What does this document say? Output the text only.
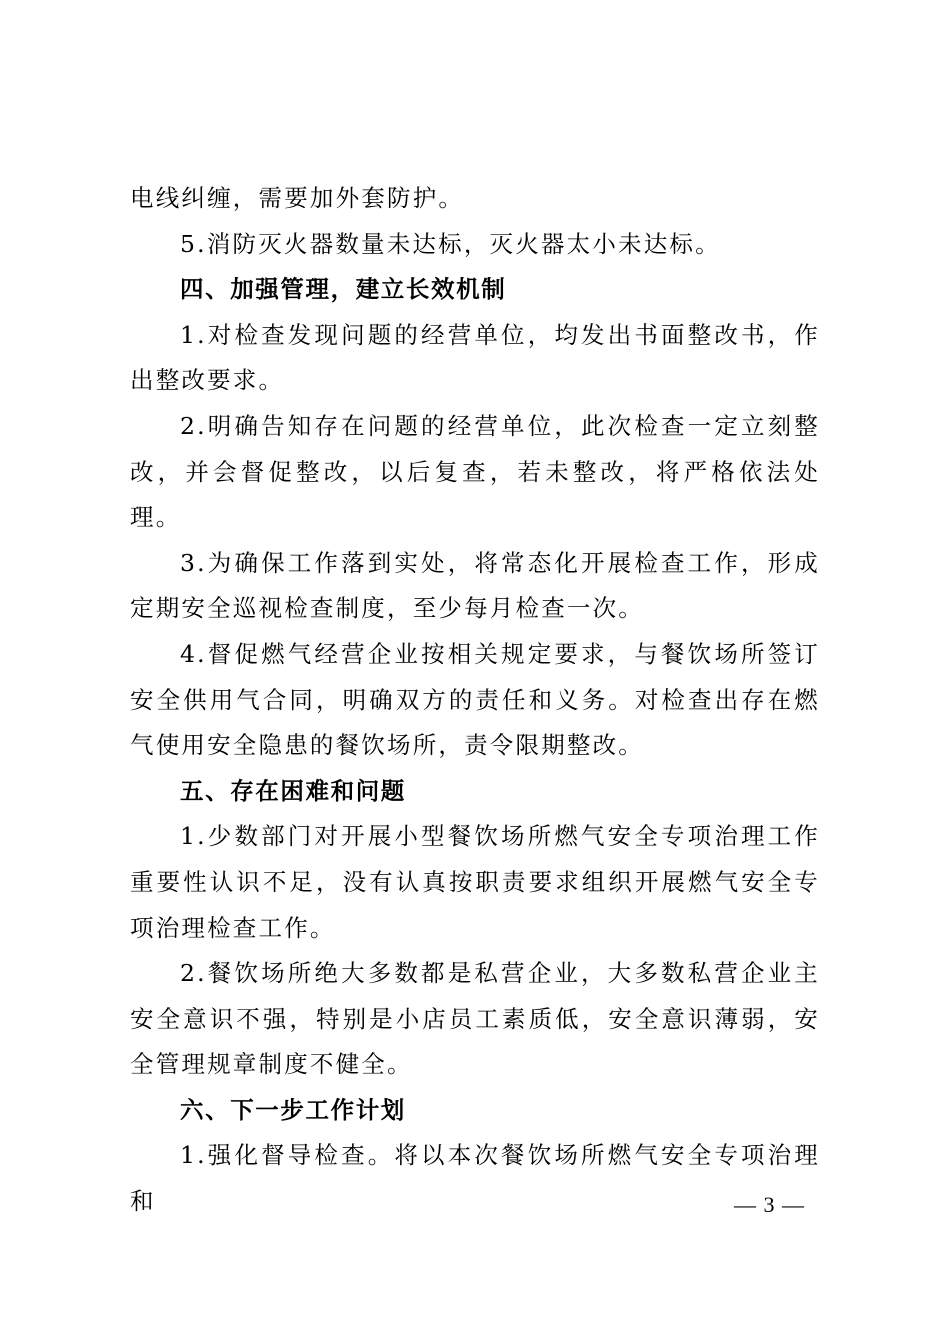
电线纠缠，需要加外套防护。

5.消防灭火器数量未达标，灭火器太小未达标。

四、加强管理，建立长效机制

1.对检查发现问题的经营单位，均发出书面整改书，作出整改要求。

2.明确告知存在问题的经营单位，此次检查一定立刻整改，并会督促整改，以后复查，若未整改，将严格依法处理。

3.为确保工作落到实处，将常态化开展检查工作，形成定期安全巡视检查制度，至少每月检查一次。

4.督促燃气经营企业按相关规定要求，与餐饮场所签订安全供用气合同，明确双方的责任和义务。对检查出存在燃气使用安全隐患的餐饮场所，责令限期整改。

五、存在困难和问题

1.少数部门对开展小型餐饮场所燃气安全专项治理工作重要性认识不足，没有认真按职责要求组织开展燃气安全专项治理检查工作。

2.餐饮场所绝大多数都是私营企业，大多数私营企业主安全意识不强，特别是小店员工素质低，安全意识薄弱，安全管理规章制度不健全。

六、下一步工作计划

1.强化督导检查。将以本次餐饮场所燃气安全专项治理和	— 3 —
